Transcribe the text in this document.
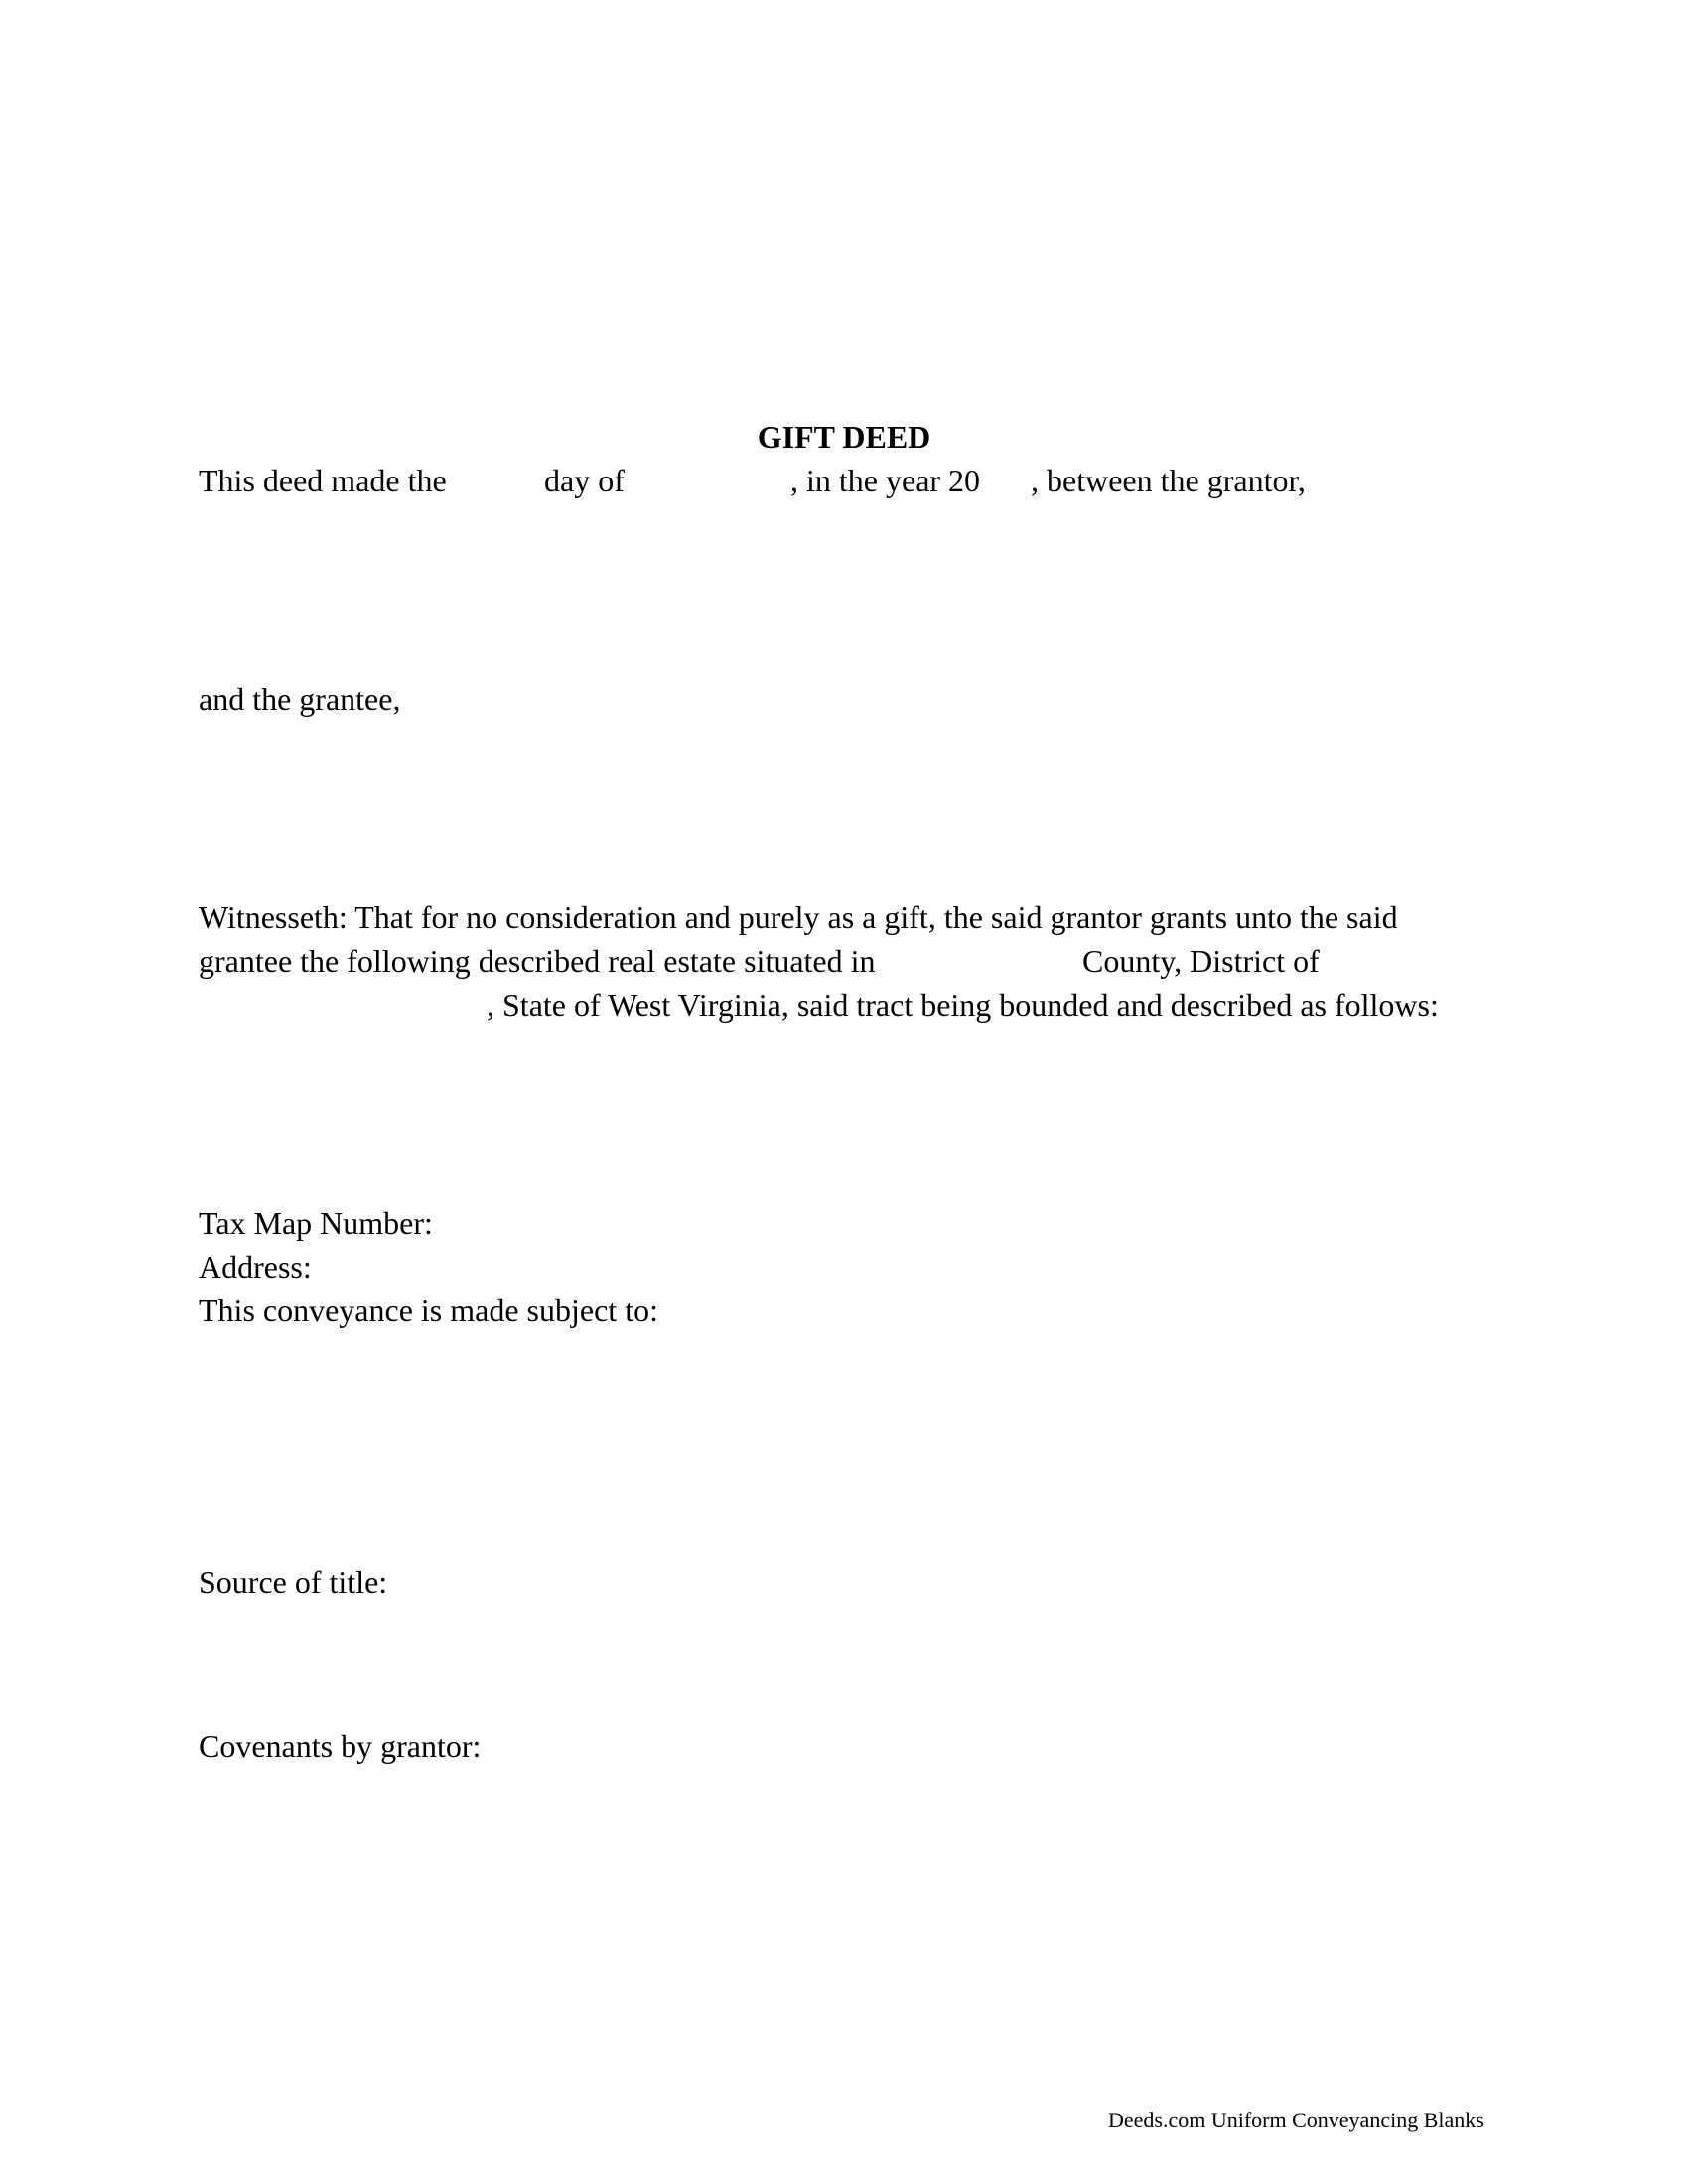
GIFT DEED
This deed made the	day of	, in the year 20 , between the grantor,
and the grantee,
Witnesseth: That for no consideration and purely as a gift, the said grantor grants unto the said
grantee the following described real estate situated in	County, District of
, State of West Virginia, said tract being bounded and described as follows:
Tax Map Number:
Address:
This conveyance is made subject to:
Source of title:
Covenants by grantor:
Deeds.com Uniform Conveyancing Blanks
